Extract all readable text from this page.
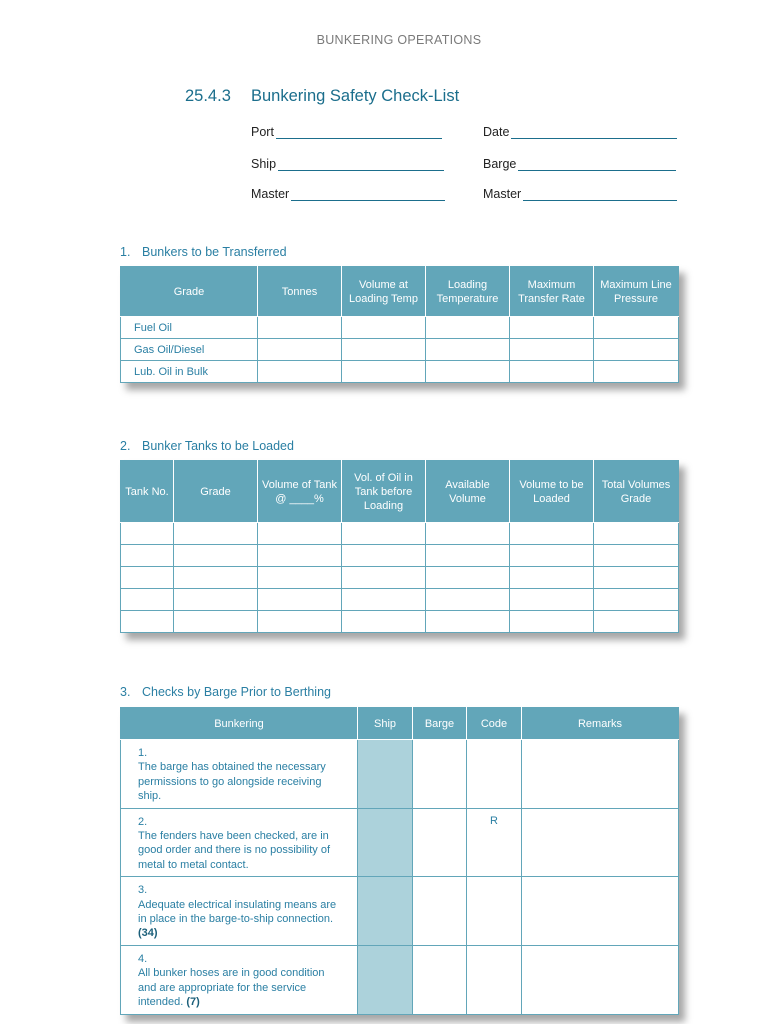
BUNKERING OPERATIONS
25.4.3 Bunkering Safety Check-List
Port	Date
Ship	Barge
Master	Master
1. Bunkers to be Transferred
Grade	Tonnes	Volume at Loading Temp	Loading Temperature	Maximum Transfer Rate	Maximum Line Pressure
Fuel Oil					
Gas Oil/Diesel					
Lub. Oil in Bulk					
2. Bunker Tanks to be Loaded
Tank No.	Grade	Volume of Tank @ ____%	Vol. of Oil in Tank before Loading	Available Volume	Volume to be Loaded	Total Volumes Grade

3. Checks by Barge Prior to Berthing
Bunkering	Ship	Barge	Code	Remarks
1.The barge has obtained the necessary permissions to go alongside receiving ship.				
2.The fenders have been checked, are in good order and there is no possibility of metal to metal contact.			R	
3.Adequate electrical insulating means are in place in the barge-to-ship connection. (34)				
4.All bunker hoses are in good condition and are appropriate for the service intended. (7)				
